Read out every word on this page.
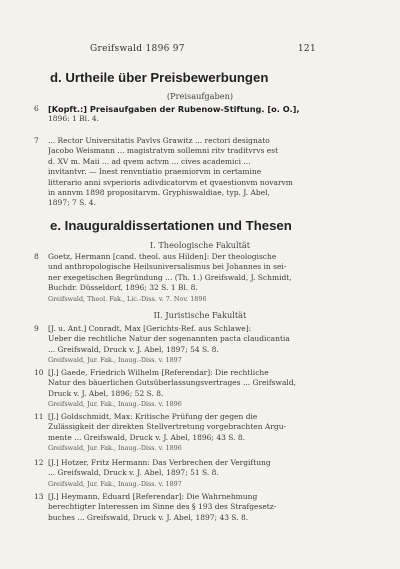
Greifswald 1896 97	121
d. Urtheile über Preisbewerbungen
(Preisaufgaben)
6 [Kopft.:] Preisaufgaben der Rubenow-Stiftung. [o. O.],
1896: 1 Bl. 4.
7 ... Rector Universitatis Pavlvs Grawitz ... rectori designato
Jacobo Weismann ... magistratvm sollemni ritv traditvrvs est
d. XV m. Maii ... ad qvem actvm ... cives academici ...
invitantvr. — Inest renvntiatio praemiorvm in certamine
litterario anni svperioris adivdicatorvm et qvaestionvm novarvm
in annvm 1898 propositarvm. Gryphiswaldiae, typ. J. Abel,
1897; 7 S. 4.
e. Inauguraldissertationen und Thesen
I. Theologische Fakultät
8 Goetz, Hermann [cand. theol. aus Hilden]: Der theologische
und anthropologische Heilsuniversalismus bei Johannes in sei-
ner exegetischen Begründung ... (Th. 1.) Greifswald, J. Schmidt,
Buchdr. Düsseldorf, 1896; 32 S. 1 Bl. 8.
Greifswald, Theol. Fak., Lic.-Diss. v. 7. Nov. 1896
II. Juristische Fakultät
9 [J. u. Ant.] Conradt, Max [Gerichts-Ref. aus Schlawe]:
Ueber die rechtliche Natur der sogenannten pacta claudicantia
... Greifswald, Druck v. J. Abel, 1897; 54 S. 8.
Greifswald, Jur. Fak., Inaug.-Diss. v. 1897
10 [J.] Gaede, Friedrich Wilhelm [Referendar]: Die rechtliche
Natur des bäuerlichen Gutsüberlassungsvertrages ... Greifswald,
Druck v. J. Abel, 1896; 52 S. 8.
Greifswald, Jur. Fak., Inaug.-Diss. v. 1896
11 [J.] Goldschmidt, Max: Kritische Prüfung der gegen die
Zulässigkeit der direkten Stellvertretung vorgebrachten Argu-
mente ... Greifswald, Druck v. J. Abel, 1896; 43 S. 8.
Greifswald, Jur. Fak., Inaug.-Diss. v. 1896
12 [J.] Hotzer, Fritz Hermann: Das Verbrechen der Vergiftung
... Greifswald, Druck v. J. Abel, 1897; 51 S. 8.
Greifswald, Jur. Fak., Inaug.-Diss. v. 1897
13 [J.] Heymann, Eduard [Referendar]: Die Wahrnehmung
berechtigter Interessen im Sinne des § 193 des Strafgesetz-
buches ... Greifswald, Druck v. J. Abel, 1897; 43 S. 8.
